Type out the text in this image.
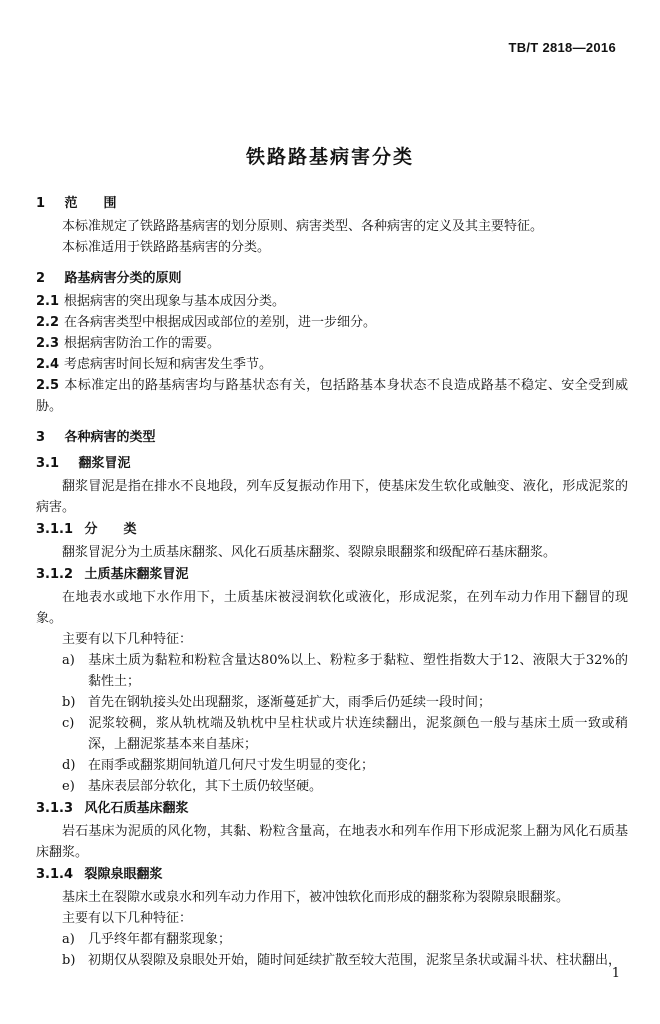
TB/T 2818—2016
铁路路基病害分类
1 范　　围

本标准规定了铁路路基病害的划分原则、病害类型、各种病害的定义及其主要特征。

本标准适用于铁路路基病害的分类。

2 路基病害分类的原则

2.1 根据病害的突出现象与基本成因分类。

2.2 在各病害类型中根据成因或部位的差别，进一步细分。

2.3 根据病害防治工作的需要。

2.4 考虑病害时间长短和病害发生季节。

2.5 本标准定出的路基病害均与路基状态有关，包括路基本身状态不良造成路基不稳定、安全受到威胁。

3 各种病害的类型
3.1 翻浆冒泥

翻浆冒泥是指在排水不良地段，列车反复振动作用下，使基床发生软化或触变、液化，形成泥浆的病害。

3.1.1 分　　类

翻浆冒泥分为土质基床翻浆、风化石质基床翻浆、裂隙泉眼翻浆和级配碎石基床翻浆。

3.1.2 土质基床翻浆冒泥

在地表水或地下水作用下，土质基床被浸润软化或液化，形成泥浆，在列车动力作用下翻冒的现象。

主要有以下几种特征：

a) 基床土质为黏粒和粉粒含量达80%以上、粉粒多于黏粒、塑性指数大于12、液限大于32%的黏性土；

b) 首先在钢轨接头处出现翻浆，逐渐蔓延扩大，雨季后仍延续一段时间；

c) 泥浆较稠，浆从轨枕端及轨枕中呈柱状或片状连续翻出，泥浆颜色一般与基床土质一致或稍深，上翻泥浆基本来自基床；

d) 在雨季或翻浆期间轨道几何尺寸发生明显的变化；

e) 基床表层部分软化，其下土质仍较坚硬。

3.1.3 风化石质基床翻浆

岩石基床为泥质的风化物，其黏、粉粒含量高，在地表水和列车作用下形成泥浆上翻为风化石质基床翻浆。

3.1.4 裂隙泉眼翻浆

基床土在裂隙水或泉水和列车动力作用下，被冲蚀软化而形成的翻浆称为裂隙泉眼翻浆。

主要有以下几种特征：

a) 几乎终年都有翻浆现象；

b) 初期仅从裂隙及泉眼处开始，随时间延续扩散至较大范围，泥浆呈条状或漏斗状、柱状翻出，

1
